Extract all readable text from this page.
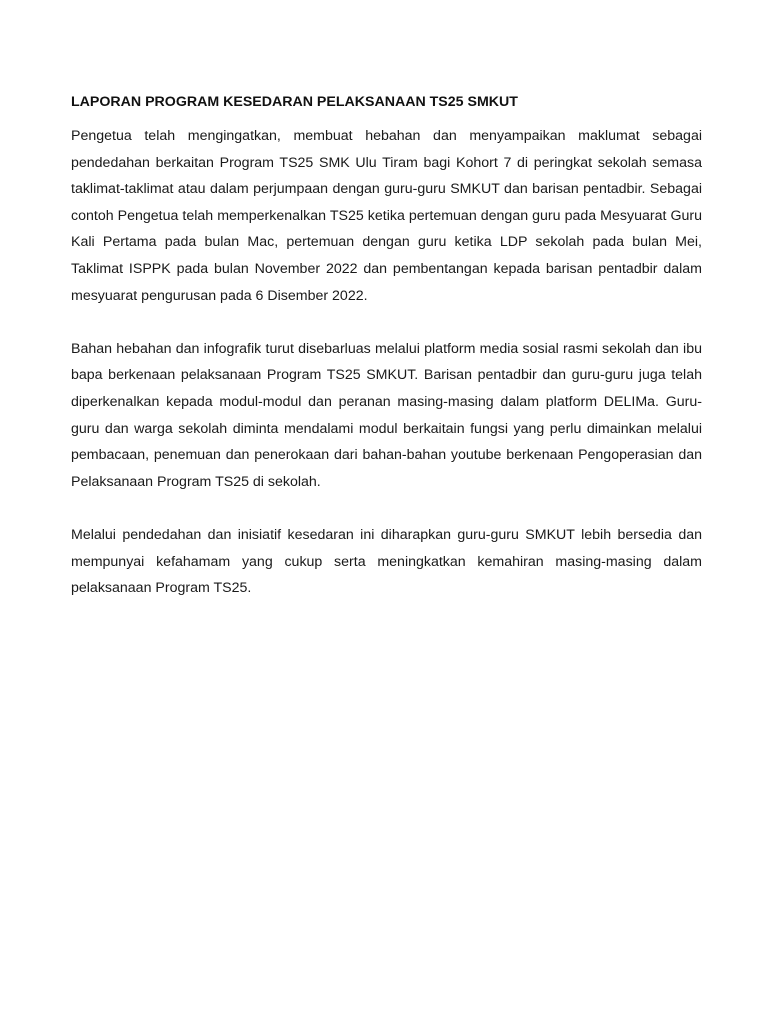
LAPORAN PROGRAM KESEDARAN PELAKSANAAN TS25 SMKUT

Pengetua telah mengingatkan, membuat hebahan dan menyampaikan maklumat sebagai pendedahan berkaitan Program TS25 SMK Ulu Tiram bagi Kohort 7 di peringkat sekolah semasa taklimat-taklimat atau dalam perjumpaan dengan guru-guru SMKUT dan barisan pentadbir. Sebagai contoh Pengetua telah memperkenalkan TS25 ketika pertemuan dengan guru pada Mesyuarat Guru Kali Pertama pada bulan Mac, pertemuan dengan guru ketika LDP sekolah pada bulan Mei, Taklimat ISPPK pada bulan November 2022 dan pembentangan kepada barisan pentadbir dalam mesyuarat pengurusan pada 6 Disember 2022.

Bahan hebahan dan infografik turut disebarluas melalui platform media sosial rasmi sekolah dan ibu bapa berkenaan pelaksanaan Program TS25 SMKUT. Barisan pentadbir dan guru-guru juga telah diperkenalkan kepada modul-modul dan peranan masing-masing dalam platform DELIMa. Guru- guru dan warga sekolah diminta mendalami modul berkaitain fungsi yang perlu dimainkan melalui pembacaan, penemuan dan penerokaan dari bahan-bahan youtube berkenaan Pengoperasian dan Pelaksanaan Program TS25 di sekolah.

Melalui pendedahan dan inisiatif kesedaran ini diharapkan guru-guru SMKUT lebih bersedia dan mempunyai kefahamam yang cukup serta meningkatkan kemahiran masing-masing dalam pelaksanaan Program TS25.
